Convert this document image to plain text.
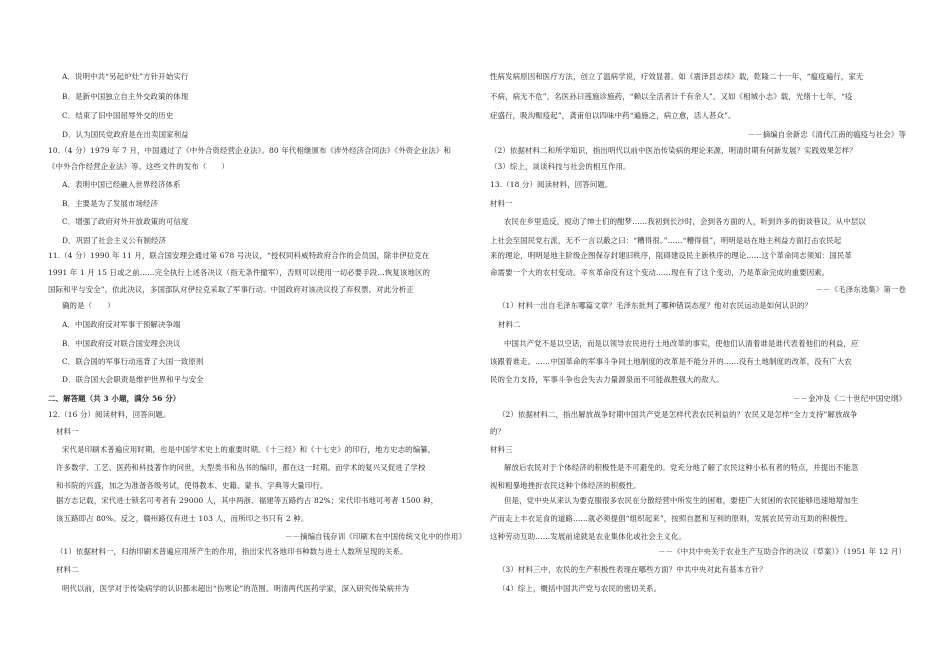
A．说明中共“另起炉灶”方针开始实行
B．是新中国独立自主外交政策的体现
C．结束了旧中国屈辱外交的历史
D．认为国民党政府是在出卖国家利益
10.（4 分）1979 年 7 月，中国通过了《中外合资经营企业法》。80 年代相继颁布《涉外经济合同法》《外资企业法》和
《中外合作经营企业法》等。这些文件的发布（　　）
A．表明中国已经融入世界经济体系
B．主要是为了发展市场经济
C．增强了政府对外开放政策的可信度
D．巩固了社会主义公有制经济
11.（4 分）1990 年 11 月，联合国安理会通过第 678 号决议，“授权同科威特政府合作的会员国，除非伊拉克在
1991 年 1 月 15 日或之前……完全执行上述各决议（指无条件撤军），否则可以使用一切必要手段…恢复该地区的
国际和平与安全”，依此决议，多国部队对伊拉克采取了军事行动。中国政府对该决议投了弃权票。对此分析正
确的是（　　）
A．中国政府反对军事干预解决争端
B．中国政府反对联合国安理会决议
C．联合国的军事行动违背了大国一致原则
D．联合国大会职责是维护世界和平与安全
二、解答题（共 3 小题，满分 56 分）
12.（16 分）阅读材料，回答问题。
材料一
宋代是印刷术普遍应用时期，也是中国学术史上的重要时期。《十三经》和《十七史》的印行，地方史志的编纂，
许多数学、工艺、医药和科技著作的问世，大型类书和丛书的编印，都在这一时期。而学术的复兴又促进了学校
和书院的兴盛，加之为准备各级考试，使得教本、史籍、蒙书、字典等大量印行。
据方志记载，宋代进士锁名可考者有 29000 人，其中两浙、福建等五路约占 82%；宋代印书地可考者 1500 种，
该五路即占 80%。反之，赣州路仅有进士 103 人，而所印之书只有 2 种。
－－摘编自钱存训《印刷术在中国传统文化中的作用》
（1）依据材料一，归纳印刷术普遍应用所产生的作用，指出宋代各地印书种数与进士人数所呈现的关系。
材料二
明代以前，医学对于传染病学的认识都未超出“伤寒论”的范围。明清两代医药学家，深入研究传染病并为
性病发病原因和医疗方法，创立了温病学说，疗效显著。如《震泽县志续》载，乾隆二十一年，“瘟疫遍行，家无
不病，病无不危”，名医孙曰莲施诊施药，“赖以全活者计千有余人”。又如《相城小志》载，光绪十七年，“疫
症盛行，吸沟赈疫起”，龚甫伯以四味中药“遍施之，病立愈，活人甚众”。
－－摘编自余新忠《清代江南的瘟疫与社会》等
（2）依据材料二和所学知识，指出明代以前中医治传染病的理论来源，明清时期有何新发展？实践效果怎样？
（3）综上，谈谈科技与社会的相互作用。
13.（18 分）阅读材料，回答问题。
材料一
农民在乡里造反，搅动了绅士们的酣梦……我初到长沙时，会到各方面的人，听到许多的街谈巷议。从中层以
上社会至国民党右派，无不一言以蔽之曰：“糟得很。”……“糟得很”，明明是站在地主利益方面打击农民起
来的理论，明明是地主阶级企图保存封建旧秩序，阻碍建设民主新秩序的理论……这个革命同志须知：国民革
命需要一个大的农村变动。辛亥革命没有这个变动……现在有了这个变动，乃是革命完成的重要因素。
－－《毛泽东选集》第一卷
（1）材料一出自毛泽东哪篇文章？毛泽东批判了哪种错误态度？他对农民运动是如何认识的？
材料二
中国共产党不是以空话，而是以领导农民进行土地改革的事实，使他们认清着谁是谁代表着他们的利益，应
该跟着谁走。……中国革命的军事斗争同土地制度的改革是不能分开的……没有土地制度的改革，没有广大农
民的全力支持，军事斗争也会失去力量源泉而不可能战胜强大的敌人。
－－金冲及《二十世纪中国史纲》
（2）依据材料二，指出解放战争时期中国共产党是怎样代表农民利益的？农民又是怎样“全力支持”解放战争
的？
材料三
解放后农民对于个体经济的积极性是不可避免的。党充分地了解了农民这种小私有者的特点，并提出不能忽
视和粗暴地挫折农民这种个体经济的积极性。
但是，党中央从来认为要克服很多农民在分散经营中所发生的困难，要使广大贫困的农民能够迅速地增加生
产而走上丰衣足食的道路……就必须提倡“组织起来”，按照自愿和互利的原则，发展农民劳动互助的积极性。
这种劳动互助……发展前途就是农业集体化或社会主义化。
－－《中共中央关于农业生产互助合作的决议（草案）》（1951 年 12 月）
（3）材料三中，农民的生产积极性表现在哪些方面？中共中央对此有基本方针？
（4）综上，概括中国共产党与农民的密切关系。
